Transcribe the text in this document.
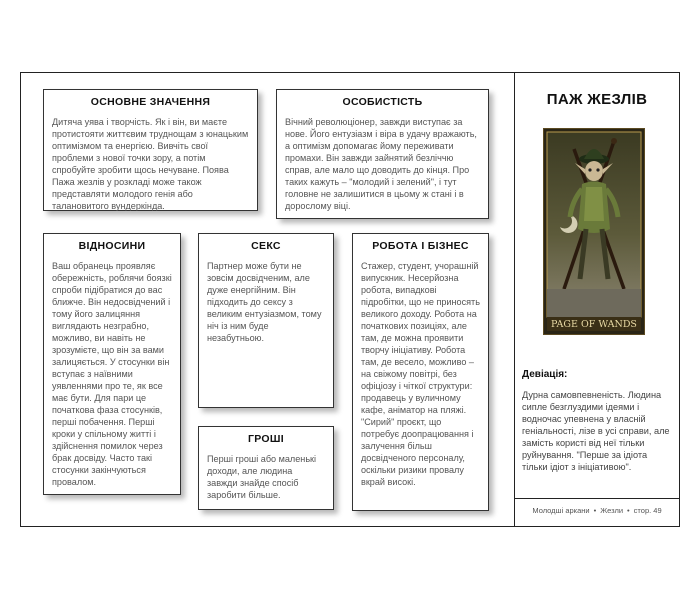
ОСНОВНЕ ЗНАЧЕННЯ

Дитяча уява і творчість. Як і він, ви маєте протистояти життєвим труднощам з юнацьким оптимізмом та енергією. Вивчіть свої проблеми з нової точки зору, а потім спробуйте зробити щось нечуване. Поява Пажа жезлів у розкладі може також представляти молодого генія або талановитого вундеркінда.

ОСОБИСТІСТЬ

Вічний революціонер, завжди виступає за нове. Його ентузіазм і віра в удачу вражають, а оптимізм допомагає йому переживати промахи. Він завжди зайнятий безліччю справ, але мало що доводить до кінця. Про таких кажуть – "молодий і зелений", і тут головне не залишитися в цьому ж стані і в дорослому віці.

ВІДНОСИНИ

Ваш обранець проявляє обережність, роблячи боязкі спроби підібратися до вас ближче. Він недосвідчений і тому його залицяння виглядають незграбно, можливо, ви навіть не зрозумієте, що він за вами залицяється. У стосунки він вступає з наївними уявленнями про те, як все має бути. Для пари це початкова фаза стосунків, перші побачення. Перші кроки у спільному житті і здійснення помилок через брак досвіду. Часто такі стосунки закінчуються провалом.

СЕКС

Партнер може бути не зовсім досвідченим, але дуже енергійним. Він підходить до сексу з великим ентузіазмом, тому ніч із ним буде незабутньою.

ГРОШІ

Перші гроші або маленькі доходи, але людина завжди знайде спосіб заробити більше.

РОБОТА І БІЗНЕС

Стажер, студент, учорашній випускник. Несерйозна робота, випадкові підробітки, що не приносять великого доходу. Робота на початкових позиціях, але там, де можна проявити творчу ініціативу. Робота там, де весело, можливо – на свіжому повітрі, без офіціозу і чіткої структури: продавець у вуличному кафе, аніматор на пляжі. "Сирий" проєкт, що потребує доопрацювання і залучення більш досвідченого персоналу, оскільки ризики провалу вкрай високі.

ПАЖ ЖЕЗЛІВ
PAGE OF WANDS
Девіація:

Дурна самовпевненість. Людина сипле безглуздими ідеями і водночас упевнена у власній геніальності, лізе в усі справи, але замість користі від неї тільки руйнування. "Перше за ідіота тільки ідіот з ініціативою".

Молодші аркани • Жезли • стор. 49
